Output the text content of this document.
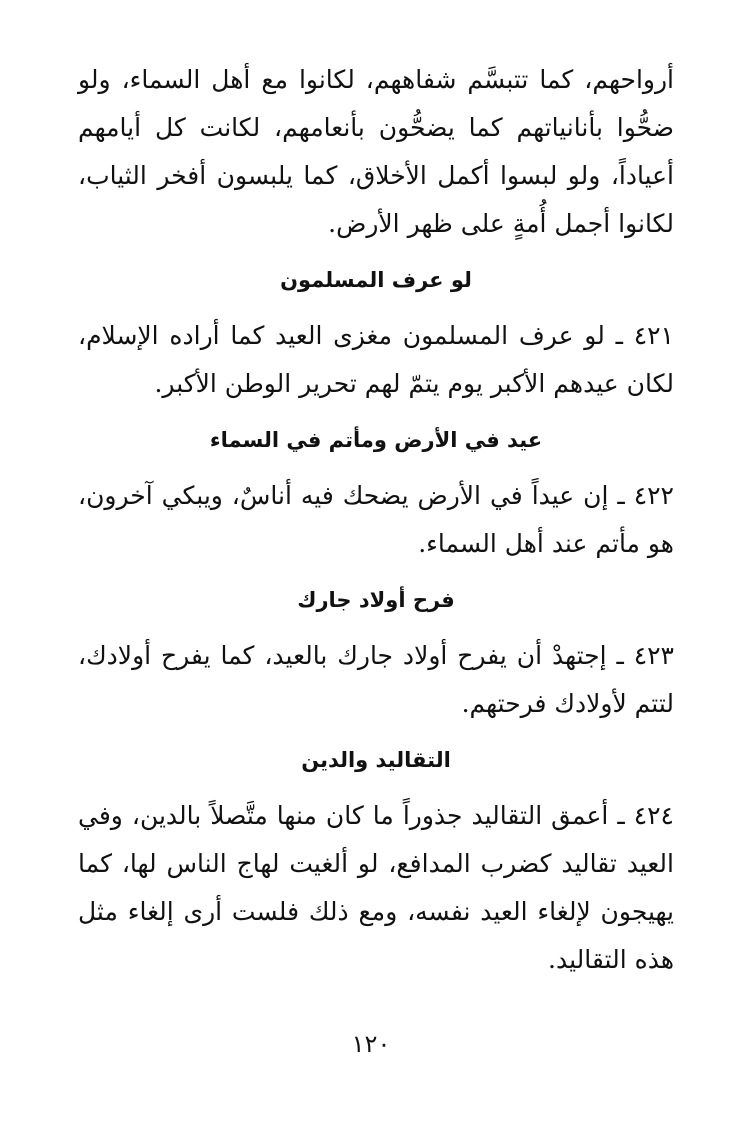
أرواحهم، كما تتبسَّم شفاههم، لكانوا مع أهل السماء، ولو ضحُّوا بأنانياتهم كما يضحُّون بأنعامهم، لكانت كل أيامهم أعياداً، ولو لبسوا أكمل الأخلاق، كما يلبسون أفخر الثياب، لكانوا أجمل أُمةٍ على ظهر الأرض.

لو عرف المسلمون

٤٢١ ـ لو عرف المسلمون مغزى العيد كما أراده الإسلام، لكان عيدهم الأكبر يوم يتمّ لهم تحرير الوطن الأكبر.

عيد في الأرض ومأتم في السماء

٤٢٢ ـ إن عيداً في الأرض يضحك فيه أناسٌ، ويبكي آخرون، هو مأتم عند أهل السماء.

فرح أولاد جارك

٤٢٣ ـ إجتهدْ أن يفرح أولاد جارك بالعيد، كما يفرح أولادك، لتتم لأولادك فرحتهم.

التقاليد والدين

٤٢٤ ـ أعمق التقاليد جذوراً ما كان منها متَّصلاً بالدين، وفي العيد تقاليد كضرب المدافع، لو ألغيت لهاج الناس لها، كما يهيجون لإلغاء العيد نفسه، ومع ذلك فلست أرى إلغاء مثل هذه التقاليد.

١٢٠
